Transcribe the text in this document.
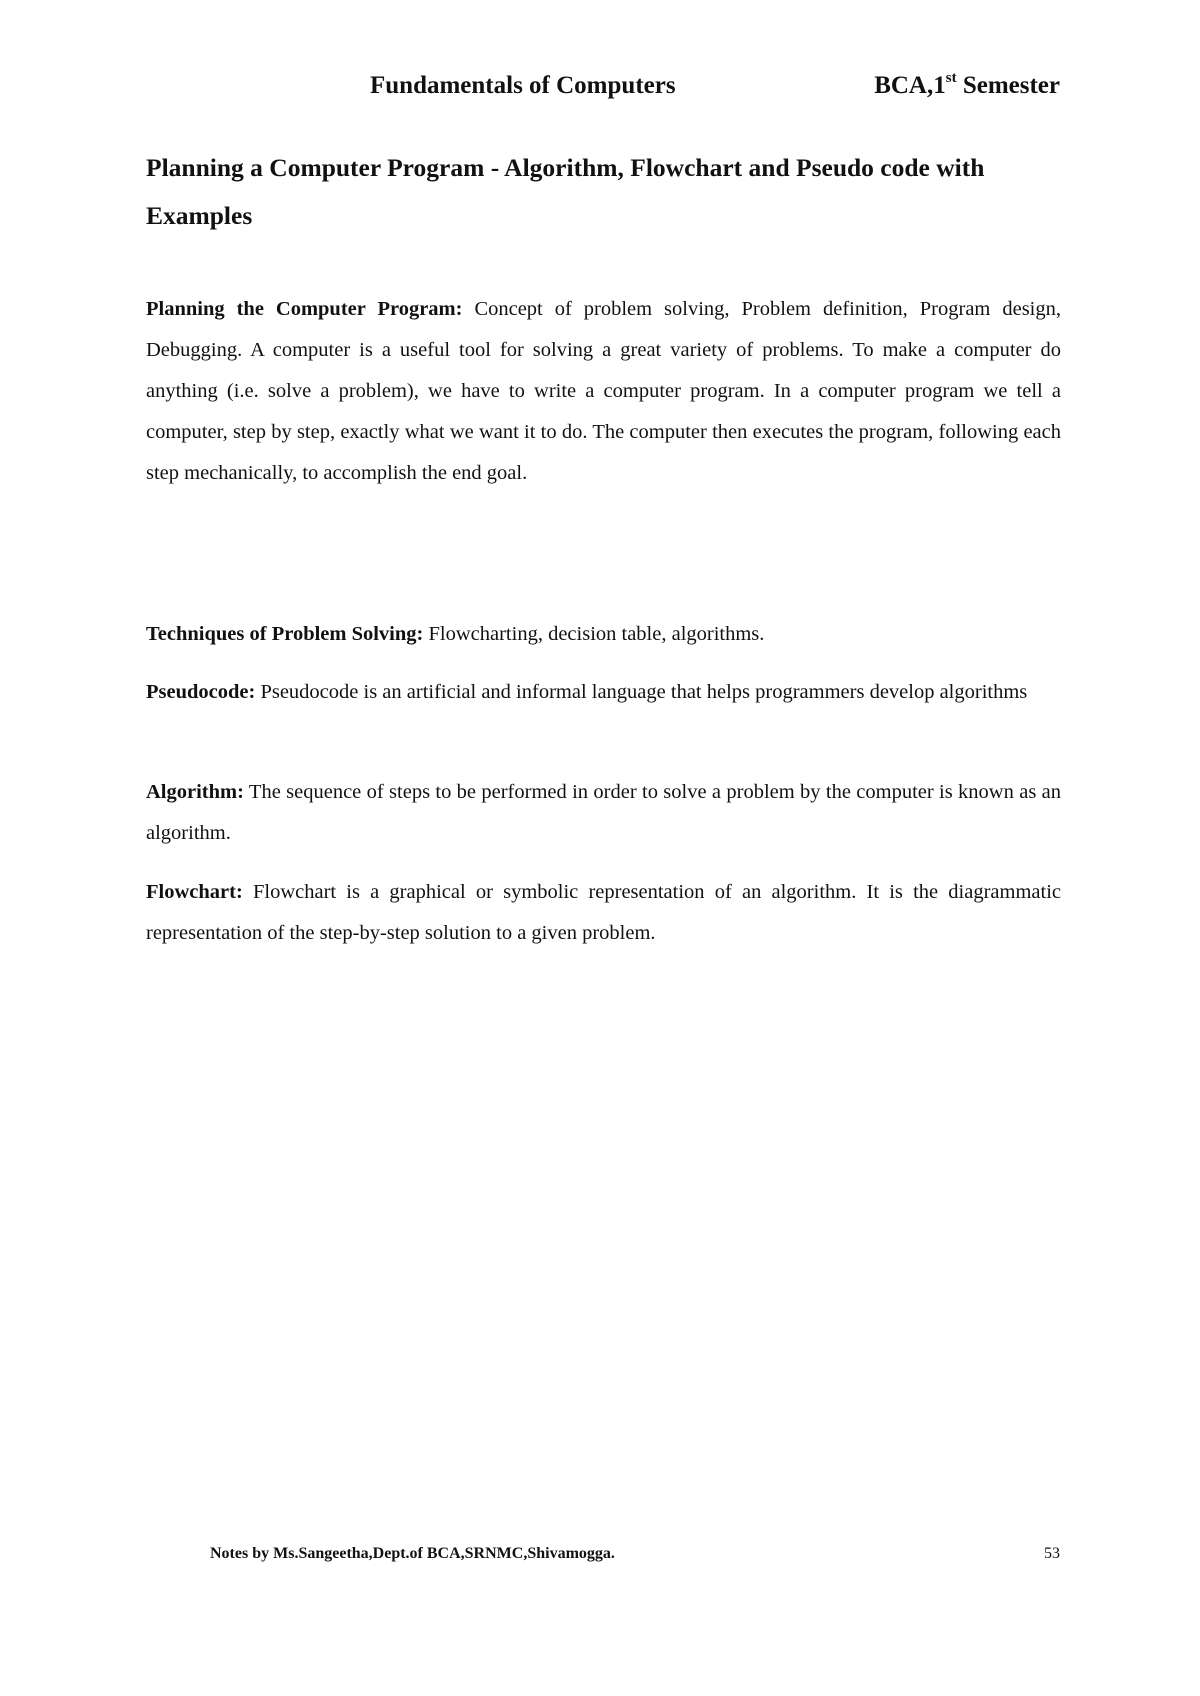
Fundamentals of Computers	BCA,1st Semester
Planning a Computer Program - Algorithm, Flowchart and Pseudo code with Examples

Planning the Computer Program: Concept of problem solving, Problem definition, Program design, Debugging. A computer is a useful tool for solving a great variety of problems. To make a computer do anything (i.e. solve a problem), we have to write a computer program. In a computer program we tell a computer, step by step, exactly what we want it to do. The computer then executes the program, following each step mechanically, to accomplish the end goal.

Techniques of Problem Solving: Flowcharting, decision table, algorithms.

Pseudocode: Pseudocode is an artificial and informal language that helps programmers develop algorithms

Algorithm: The sequence of steps to be performed in order to solve a problem by the computer is known as an algorithm.

Flowchart: Flowchart is a graphical or symbolic representation of an algorithm. It is the diagrammatic representation of the step-by-step solution to a given problem.

Notes by Ms.Sangeetha,Dept.of BCA,SRNMC,Shivamogga.	53
